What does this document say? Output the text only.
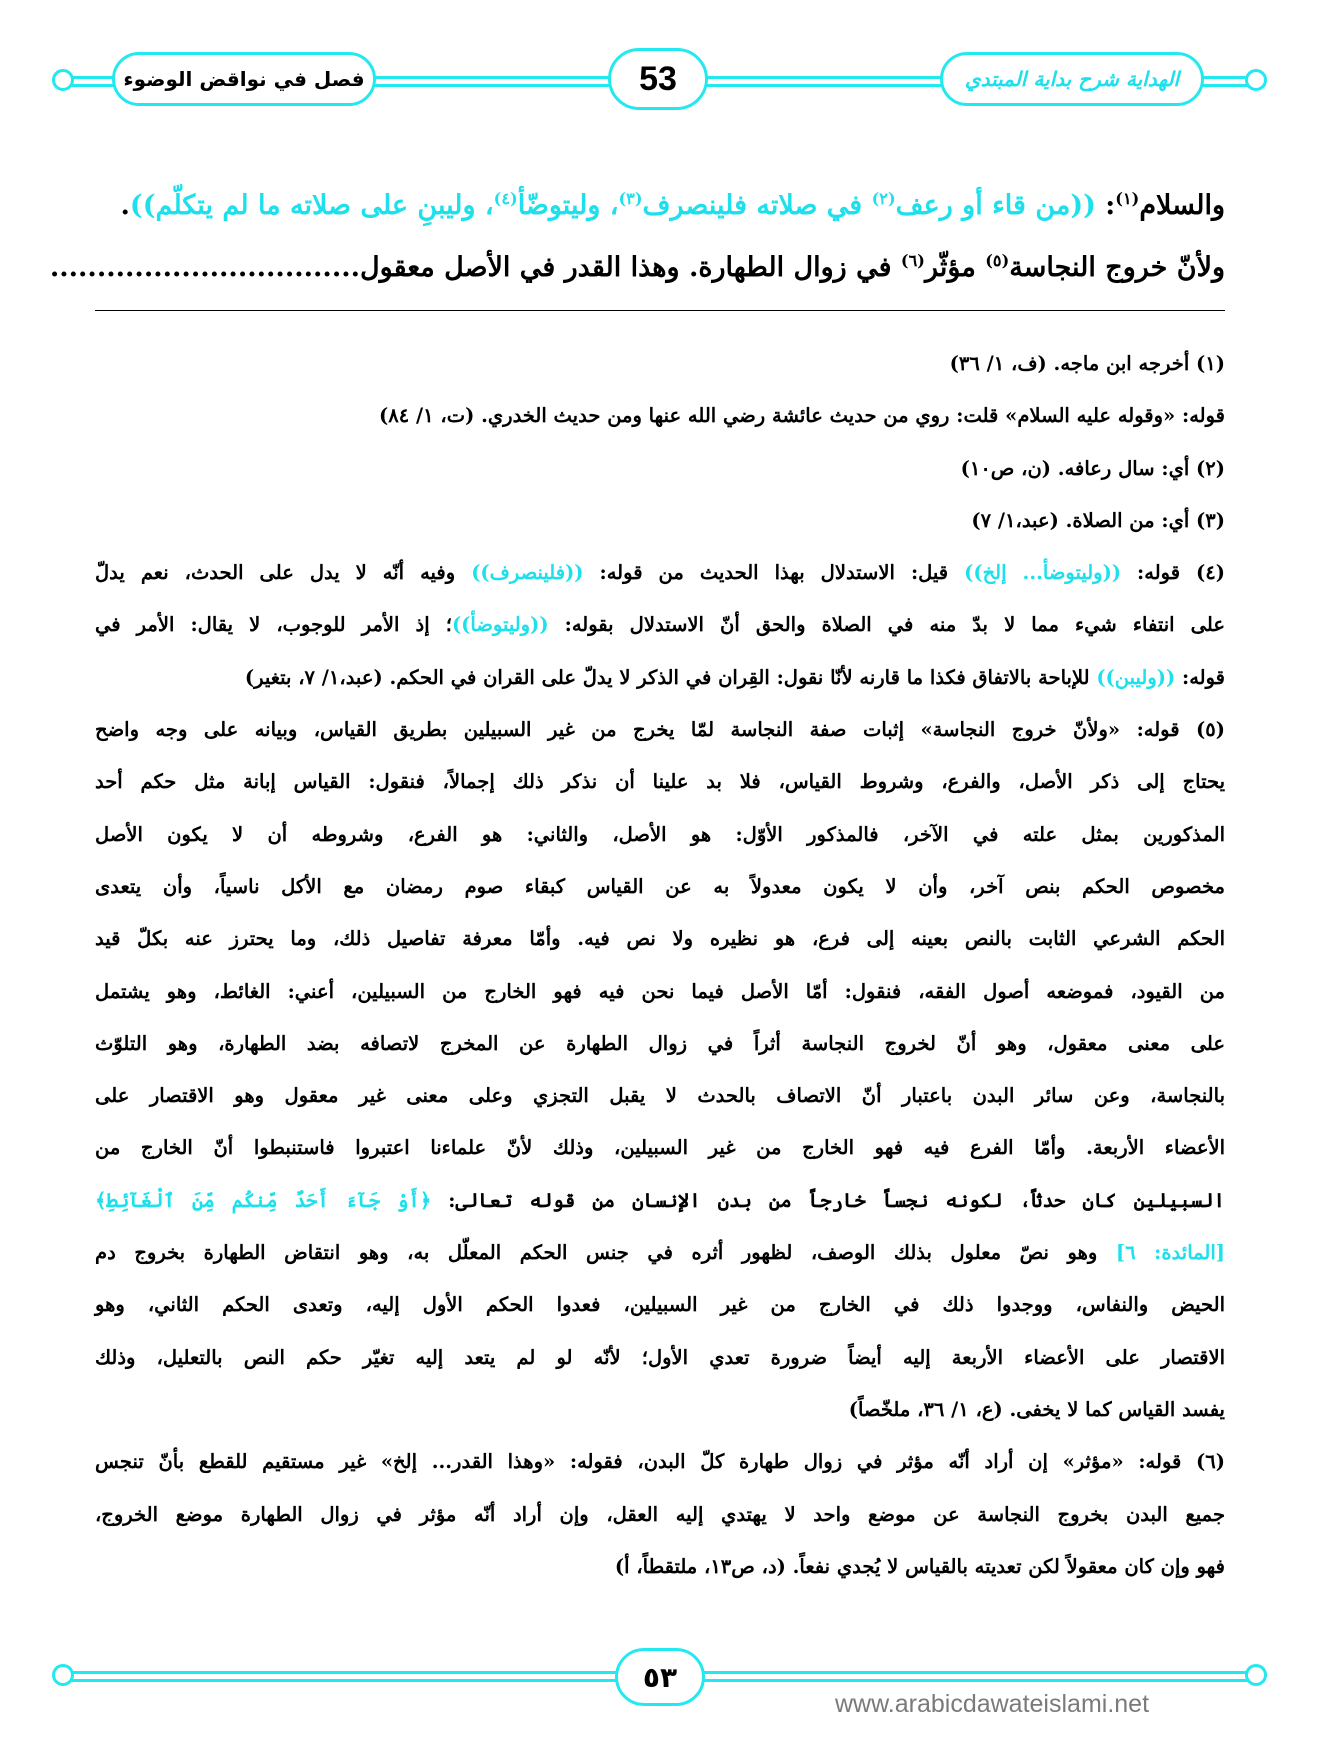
فصل في نواقض الوضوء	53	الهداية شرح بداية المبتدي
والسلام$^{(١)}$: ((من قاء أو رعف$^{(٢)}$ في صلاته فلينصرف$^{(٣)}$، وليتوضّأ$^{(٤)}$، وليبنِ على صلاته ما لم يتكلّم)).
ولأنّ خروج النجاسة$^{(٥)}$ مؤثّر$^{(٦)}$ في زوال الطهارة. وهذا القدر في الأصل معقول.................................
(١) أخرجه ابن ماجه. (ف، ١/ ٣٦)
قوله: «وقوله عليه السلام» قلت: روي من حديث عائشة رضي الله عنها ومن حديث الخدري. (ت، ١/ ٨٤)
(٢) أي: سال رعافه. (ن، ص١٠)
(٣) أي: من الصلاة. (عبد،١/ ٧)
(٤) قوله: ((وليتوضأ... إلخ)) قيل: الاستدلال بهذا الحديث من قوله: ((فلينصرف)) وفيه أنّه لا يدل على الحدث، نعم يدلّ
على انتفاء شيء مما لا بدّ منه في الصلاة والحق أنّ الاستدلال بقوله: ((وليتوضأ))؛ إذ الأمر للوجوب، لا يقال: الأمر في
قوله: ((وليبن)) للإباحة بالاتفاق فكذا ما قارنه لأنّا نقول: القِران في الذكر لا يدلّ على القران في الحكم. (عبد،١/ ٧، بتغير)
(٥) قوله: «ولأنّ خروج النجاسة» إثبات صفة النجاسة لمّا يخرج من غير السبيلين بطريق القياس، وبيانه على وجه واضح
يحتاج إلى ذكر الأصل، والفرع، وشروط القياس، فلا بد علينا أن نذكر ذلك إجمالاً، فنقول: القياس إبانة مثل حكم أحد
المذكورين بمثل علته في الآخر، فالمذكور الأوّل: هو الأصل، والثاني: هو الفرع، وشروطه أن لا يكون الأصل
مخصوص الحكم بنص آخر، وأن لا يكون معدولاً به عن القياس كبقاء صوم رمضان مع الأكل ناسياً، وأن يتعدى
الحكم الشرعي الثابت بالنص بعينه إلى فرع، هو نظيره ولا نص فيه. وأمّا معرفة تفاصيل ذلك، وما يحترز عنه بكلّ قيد
من القيود، فموضعه أصول الفقه، فنقول: أمّا الأصل فيما نحن فيه فهو الخارج من السبيلين، أعني: الغائط، وهو يشتمل
على معنى معقول، وهو أنّ لخروج النجاسة أثراً في زوال الطهارة عن المخرج لاتصافه بضد الطهارة، وهو التلوّث
بالنجاسة، وعن سائر البدن باعتبار أنّ الاتصاف بالحدث لا يقبل التجزي وعلى معنى غير معقول وهو الاقتصار على
الأعضاء الأربعة. وأمّا الفرع فيه فهو الخارج من غير السبيلين، وذلك لأنّ علماءنا اعتبروا فاستنبطوا أنّ الخارج من
السبيلين كان حدثاً، لكونه نجساً خارجاً من بدن الإنسان من قوله تعالى: ﴿أَوْ جَآءَ أَحَدٌ مِّنكُم مِّنَ ٱلْغَآئِطِ﴾
[المائدة: ٦] وهو نصّ معلول بذلك الوصف، لظهور أثره في جنس الحكم المعلّل به، وهو انتقاض الطهارة بخروج دم
الحيض والنفاس، ووجدوا ذلك في الخارج من غير السبيلين، فعدوا الحكم الأول إليه، وتعدى الحكم الثاني، وهو
الاقتصار على الأعضاء الأربعة إليه أيضاً ضرورة تعدي الأول؛ لأنّه لو لم يتعد إليه تغيّر حكم النص بالتعليل، وذلك
يفسد القياس كما لا يخفى. (ع، ١/ ٣٦، ملخّصاً)
(٦) قوله: «مؤثر» إن أراد أنّه مؤثر في زوال طهارة كلّ البدن، فقوله: «وهذا القدر... إلخ» غير مستقيم للقطع بأنّ تنجس
جميع البدن بخروج النجاسة عن موضع واحد لا يهتدي إليه العقل، وإن أراد أنّه مؤثر في زوال الطهارة موضع الخروج،
فهو وإن كان معقولاً لكن تعديته بالقياس لا يُجدي نفعاً. (د، ص١٣، ملتقطاً، أ)
٥٣
www.arabicdawateislami.net
